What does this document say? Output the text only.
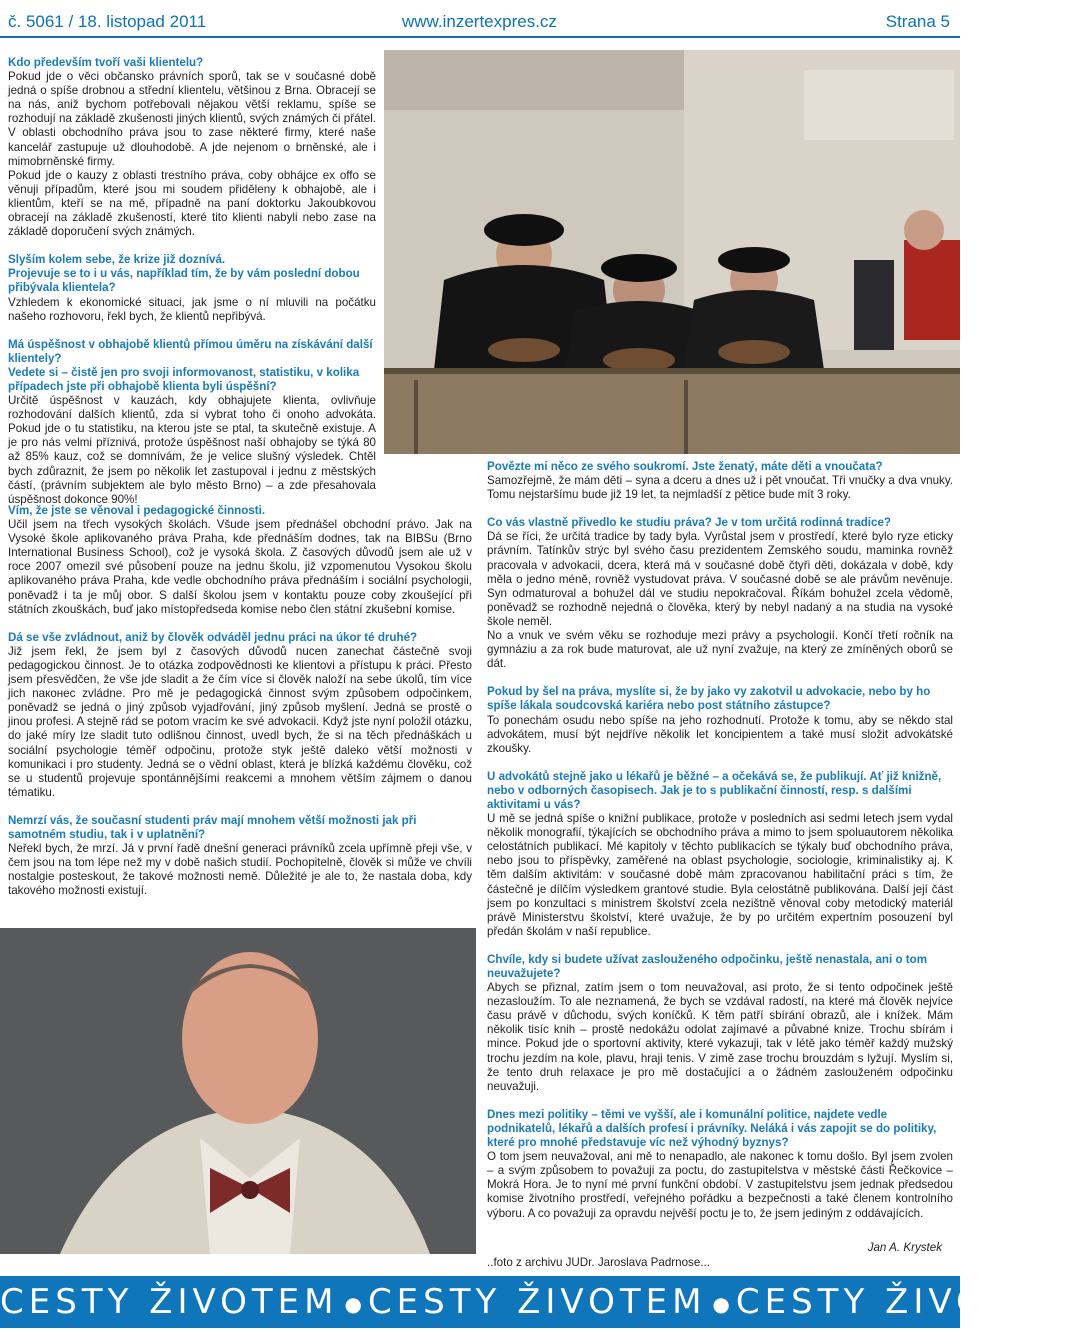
č. 5061 / 18. listopad 2011	www.inzertexpres.cz	Strana 5
Kdo především tvoří vaši klientelu?

Pokud jde o věci občansko právních sporů, tak se v současné době jedná o spíše drobnou a střední klientelu, většinou z Brna. Obracejí se na nás, aniž bychom potřebovali nějakou větší reklamu, spíše se rozhodují na základě zkušenosti jiných klientů, svých známých či přátel. V oblasti obchodního práva jsou to zase některé firmy, které naše kancelář zastupuje už dlouhodobě. A jde nejenom o brněnské, ale i mimobrněnské firmy.

Pokud jde o kauzy z oblasti trestního práva, coby obhájce ex offo se věnuji případům, které jsou mi soudem přiděleny k obhajobě, ale i klientům, kteří se na mě, případně na paní doktorku Jakoubkovou obracejí na základě zkušeností, které tito klienti nabyli nebo zase na základě doporučení svých známých.

Slyším kolem sebe, že krize již doznívá.
Projevuje se to i u vás, například tím, že by vám poslední dobou přibývala klientela?

Vzhledem k ekonomické situaci, jak jsme o ní mluvili na počátku našeho rozhovoru, řekl bych, že klientů nepřibývá.

Má úspěšnost v obhajobě klientů přímou úměru na získávání další klientely?
Vedete si – čistě jen pro svoji informovanost, statistiku, v kolika případech jste při obhajobě klienta byli úspěšní?

Určitě úspěšnost v kauzách, kdy obhajujete klienta, ovlivňuje rozhodování dalších klientů, zda si vybrat toho či onoho advokáta. Pokud jde o tu statistiku, na kterou jste se ptal, ta skutečně existuje. A je pro nás velmi příznivá, protože úspěšnost naší obhajoby se týká 80 až 85% kauz, což se domnívám, že je velice slušný výsledek. Chtěl bych zdůraznit, že jsem po několik let zastupoval i jednu z městských částí, (právním subjektem ale bylo město Brno) – a zde přesahovala úspěšnost dokonce 90%!

Vím, že jste se věnoval i pedagogické činnosti.

Učil jsem na třech vysokých školách. Všude jsem přednášel obchodní právo. Jak na Vysoké škole aplikovaného práva Praha, kde přednáším dodnes, tak na BIBSu (Brno International Business School), což je vysoká škola. Z časových důvodů jsem ale už v roce 2007 omezil své působení pouze na jednu školu, již vzpomenutou Vysokou školu aplikovaného práva Praha, kde vedle obchodního práva přednáším i sociální psychologii, poněvadž i ta je můj obor. S další školou jsem v kontaktu pouze coby zkoušející při státních zkouškách, buď jako místopředseda komise nebo člen státní zkušební komise.

Dá se vše zvládnout, aniž by člověk odváděl jednu práci na úkor té druhé?

Již jsem řekl, že jsem byl z časových důvodů nucen zanechat částečně svoji pedagogickou činnost. Je to otázka zodpovědnosti ke klientovi a přístupu k práci. Přesto jsem přesvědčen, že vše jde sladit a že čím více si člověk naloží na sebe úkolů, tím více jich naконec zvládne. Pro mě je pedagogická činnost svým způsobem odpočinkem, poněvadž se jedná o jiný způsob vyjadřování, jiný způsob myšlení. Jedná se prostě o jinou profesi. A stejně rád se potom vracím ke své advokacii. Když jste nyní položil otázku, do jaké míry lze sladit tuto odlišnou činnost, uvedl bych, že si na těch přednáškách u sociální psychologie téměř odpočinu, protože styk ještě daleko větší možnosti v komunikaci i pro studenty. Jedná se o vědní oblast, která je blízká každému člověku, což se u studentů projevuje spontánnějšími reakcemi a mnohem větším zájmem o danou tématiku.

Nemrzí vás, že současní studenti práv mají mnohem větší možnosti jak při samotném studiu, tak i v uplatnění?

Neřekl bych, že mrzí. Já v první řadě dnešní generaci právníků zcela upřímně přeji vše, v čem jsou na tom lépe než my v době našich studií. Pochopitelně, člověk si může ve chvíli nostalgie posteskout, že takové možnosti nemě. Důležité je ale to, že nastala doba, kdy takového možnosti existují.

Povězte mi něco ze svého soukromí. Jste ženatý, máte děti a vnoučata?

Samozřejmě, že mám děti – syna a dceru a dnes už i pět vnoučat. Tři vnučky a dva vnuky. Tomu nejstaršímu bude již 19 let, ta nejmladší z pětice bude mít 3 roky.

Co vás vlastně přivedlo ke studiu práva? Je v tom určitá rodinná tradice?

Dá se říci, že určitá tradice by tady byla. Vyrůstal jsem v prostředí, které bylo ryze eticky právním. Tatínkův strýc byl svého času prezidentem Zemského soudu, maminka rovněž pracovala v advokacii, dcera, která má v současné době čtyři děti, dokázala v době, kdy měla o jedno méně, rovněž vystudovat práva. V současné době se ale právům nevěnuje. Syn odmaturoval a bohužel dál ve studiu nepokračoval. Říkám bohužel zcela vědomě, poněvadž se rozhodně nejedná o člověka, který by nebyl nadaný a na studia na vysoké škole neměl.

No a vnuk ve svém věku se rozhoduje mezi právy a psychologií. Končí třetí ročník na gymnáziu a za rok bude maturovat, ale už nyní zvažuje, na který ze zmíněných oborů se dát.

Pokud by šel na práva, myslíte si, že by jako vy zakotvil u advokacie, nebo by ho spíše lákala soudcovská kariéra nebo post státního zástupce?

To ponechám osudu nebo spíše na jeho rozhodnutí. Protože k tomu, aby se někdo stal advokátem, musí být nejdříve několik let koncipientem a také musí složit advokátské zkoušky.

U advokátů stejně jako u lékařů je běžné – a očekává se, že publikují. Ať již knižně, nebo v odborných časopisech. Jak je to s publikační činností, resp. s dalšími aktivitami u vás?

U mě se jedná spíše o knižní publikace, protože v posledních asi sedmi letech jsem vydal několik monografií, týkajících se obchodního práva a mimo to jsem spoluautorem několika celostátních publikací. Mé kapitoly v těchto publikacích se týkaly buď obchodního práva, nebo jsou to příspěvky, zaměřené na oblast psychologie, sociologie, kriminalistiky aj. K těm dalším aktivitám: v současné době mám zpracovanou habilitační práci s tím, že částečně je dílčím výsledkem grantové studie. Byla celostátně publikována. Další její část jsem po konzultaci s ministrem školství zcela nezištně věnoval coby metodický materiál právě Ministerstvu školství, které uvažuje, že by po určitém expertním posouzení byl předán školám v naší republice.

Chvíle, kdy si budete užívat zaslouženého odpočinku, ještě nenastala, ani o tom neuvažujete?

Abych se přiznal, zatím jsem o tom neuvažoval, asi proto, že si tento odpočinek ještě nezasloužím. To ale neznamená, že bych se vzdával radostí, na které má člověk nejvíce času právě v důchodu, svých koníčků. K těm patří sbírání obrazů, ale i knížek. Mám několik tisíc knih – prostě nedokážu odolat zajímavé a půvabné knize. Trochu sbírám i mince. Pokud jde o sportovní aktivity, které vykazuji, tak v létě jako téměř každý mužský trochu jezdím na kole, plavu, hraji tenis. V zimě zase trochu brouzdám s lyžují. Myslím si, že tento druh relaxace je pro mě dostačující a o žádném zaslouženém odpočinku neuvažuji.

Dnes mezi politiky – těmi ve vyšší, ale i komunální politice, najdete vedle podnikatelů, lékařů a dalších profesí i právníky. Neláká i vás zapojit se do politiky, které pro mnohé představuje víc než výhodný byznys?

O tom jsem neuvažoval, ani mě to nenapadlo, ale nakonec k tomu došlo. Byl jsem zvolen – a svým způsobem to považuji za poctu, do zastupitelstva v městské části Řečkovice – Mokrá Hora. Je to nyní mé první funkční období. V zastupitelstvu jsem jednak předsedou komise životního prostředí, veřejného pořádku a bezpečnosti a také členem kontrolního výboru. A co považuji za opravdu nejvěší poctu je to, že jsem jediným z oddávajících.

..foto z archivu JUDr. Jaroslava Padrnose...
Jan A. Krystek
CESTY ŽIVOTEM ● CESTY ŽIVOTEM ● CESTY ŽIVOTEM
